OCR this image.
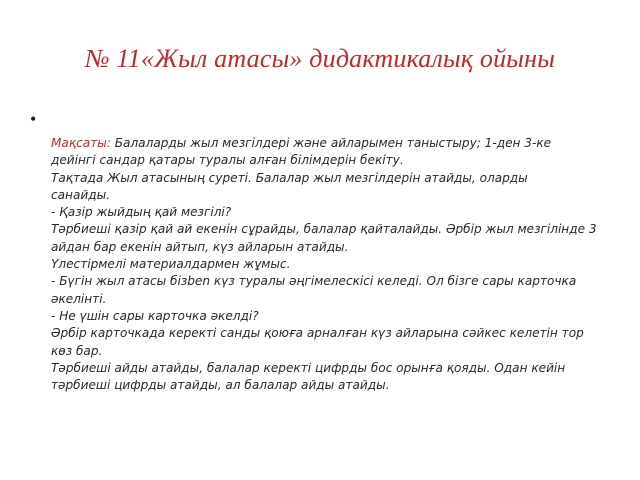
№ 11«Жыл атасы» дидактикалық ойыны
•
Мақсаты: Балаларды жыл мезгілдері және айларымен таныстыру; 1-ден 3-ке
дейінгі сандар қатары туралы алған білімдерін бекіту.
Тақтада Жыл атасының суреті. Балалар жыл мезгілдерін атайды, оларды
санайды.
- Қазір жыйдың қай мезгілі?
Тәрбиеші қазір қай ай екенін сұрайды, балалар қайталайды. Әрбір жыл мезгілінде 3
айдан бар екенін айтып, күз айларын атайды.
Үлестірмелі материалдармен жұмыс.
- Бүгін жыл атасы бізben күз туралы әңгімелескісі келеді. Ол бізге сары карточка
әкелінті.
- Не үшін сары карточка әкелді?
Әрбір карточкада керекті санды қоюға арналған күз айларына сәйкес келетін тор
көз бар.
Тәрбиеші айды атайды, балалар керекті цифрды бос орынға қояды. Одан кейін
тәрбиеші цифрды атайды, ал балалар айды атайды.
